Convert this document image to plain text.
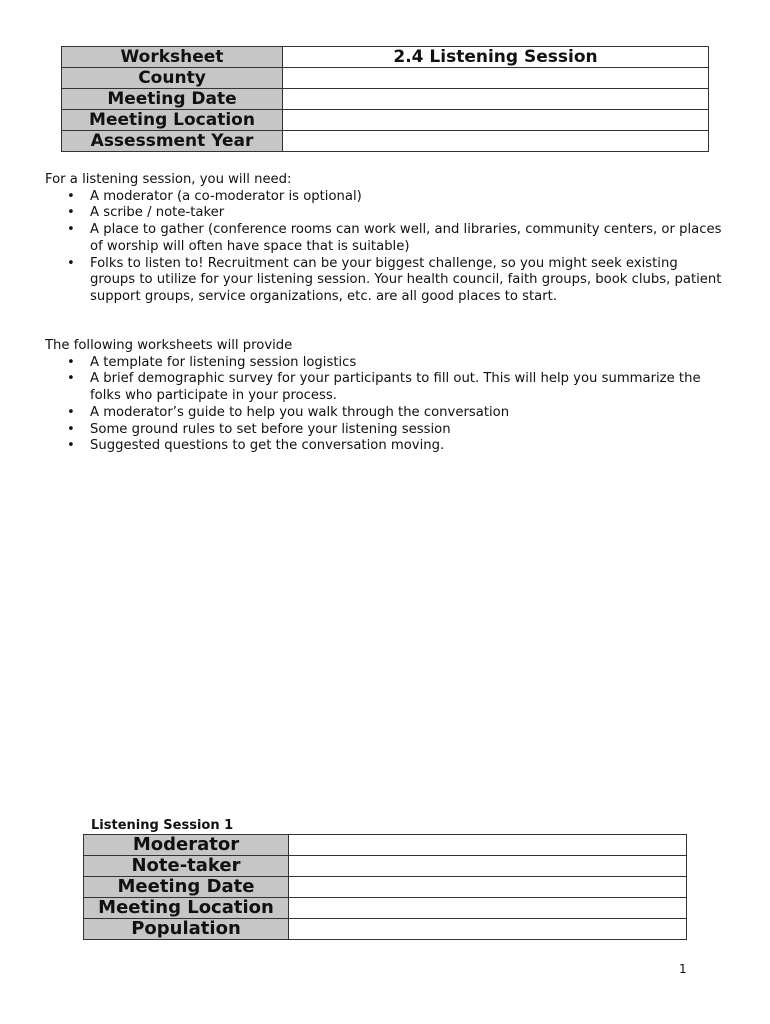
Worksheet	2.4 Listening Session
County	
Meeting Date	
Meeting Location	
Assessment Year	

For a listening session, you will need:

• A moderator (a co-moderator is optional)
• A scribe / note-taker
• A place to gather (conference rooms can work well, and libraries, community centers, or places of worship will often have space that is suitable)
• Folks to listen to! Recruitment can be your biggest challenge, so you might seek existing groups to utilize for your listening session. Your health council, faith groups, book clubs, patient support groups, service organizations, etc. are all good places to start.

The following worksheets will provide

• A template for listening session logistics
• A brief demographic survey for your participants to fill out. This will help you summarize the folks who participate in your process.
• A moderator’s guide to help you walk through the conversation
• Some ground rules to set before your listening session
• Suggested questions to get the conversation moving.
Listening Session 1
Moderator	
Note-taker	
Meeting Date	
Meeting Location	
Population	
1
